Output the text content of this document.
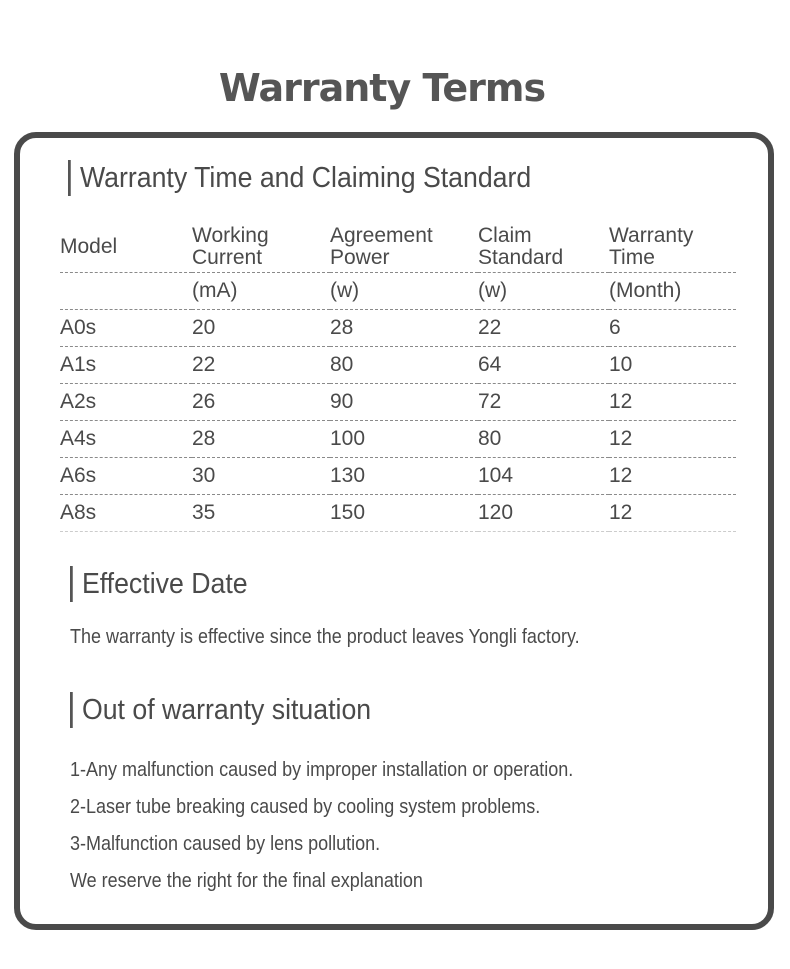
Warranty Terms
Warranty Time and Claiming Standard
Model	Working Current	Agreement Power	Claim Standard	Warranty Time
	(mA)	(w)	(w)	(Month)
A0s	20	28	22	6
A1s	22	80	64	10
A2s	26	90	72	12
A4s	28	100	80	12
A6s	30	130	104	12
A8s	35	150	120	12
Effective Date

The warranty is effective since the product leaves Yongli factory.

Out of warranty situation
1-Any malfunction caused by improper installation or operation.
2-Laser tube breaking caused by cooling system problems.
3-Malfunction caused by lens pollution.
We reserve the right for the final explanation
